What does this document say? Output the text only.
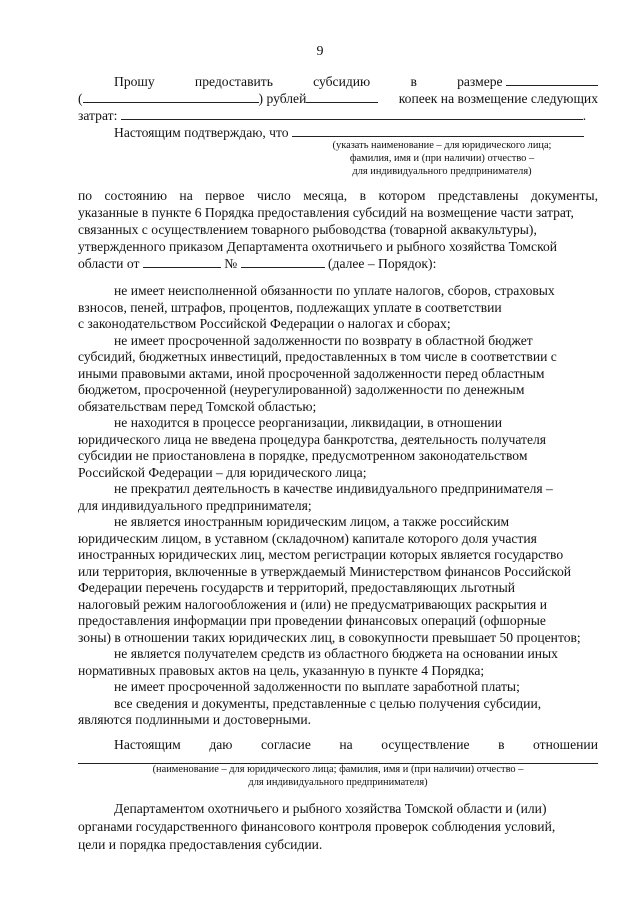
9
Прошу	предоставить	субсидию	в	размере
(	) рублей	копеек на возмещение следующих
затрат:	.
Настоящим подтверждаю, что
(указать наименование – для юридического лица;
фамилия, имя и (при наличии) отчество –
для индивидуального предпринимателя)
по состоянию на первое число месяца, в котором представлены документы,
указанные в пункте 6 Порядка предоставления субсидий на возмещение части затрат,
связанных с осуществлением товарного рыбоводства (товарной аквакультуры),
утвержденного приказом Департамента охотничьего и рыбного хозяйства Томской
области от	№	(далее – Порядок):
не имеет неисполненной обязанности по уплате налогов, сборов, страховых
взносов, пеней, штрафов, процентов, подлежащих уплате в соответствии
с законодательством Российской Федерации о налогах и сборах;
не имеет просроченной задолженности по возврату в областной бюджет
субсидий, бюджетных инвестиций, предоставленных в том числе в соответствии с
иными правовыми актами, иной просроченной задолженности перед областным
бюджетом, просроченной (неурегулированной) задолженности по денежным
обязательствам перед Томской областью;
не находится в процессе реорганизации, ликвидации, в отношении
юридического лица не введена процедура банкротства, деятельность получателя
субсидии не приостановлена в порядке, предусмотренном законодательством
Российской Федерации – для юридического лица;
не прекратил деятельность в качестве индивидуального предпринимателя –
для индивидуального предпринимателя;
не является иностранным юридическим лицом, а также российским
юридическим лицом, в уставном (складочном) капитале которого доля участия
иностранных юридических лиц, местом регистрации которых является государство
или территория, включенные в утверждаемый Министерством финансов Российской
Федерации перечень государств и территорий, предоставляющих льготный
налоговый режим налогообложения и (или) не предусматривающих раскрытия и
предоставления информации при проведении финансовых операций (офшорные
зоны) в отношении таких юридических лиц, в совокупности превышает 50 процентов;
не является получателем средств из областного бюджета на основании иных
нормативных правовых актов на цель, указанную в пункте 4 Порядка;
не имеет просроченной задолженности по выплате заработной платы;
все сведения и документы, представленные с целью получения субсидии,
являются подлинными и достоверными.
Настоящим даю согласие на осуществление в отношении
(наименование – для юридического лица; фамилия, имя и (при наличии) отчество –
для индивидуального предпринимателя)
Департаментом охотничьего и рыбного хозяйства Томской области и (или)
органами государственного финансового контроля проверок соблюдения условий,
цели и порядка предоставления субсидии.
